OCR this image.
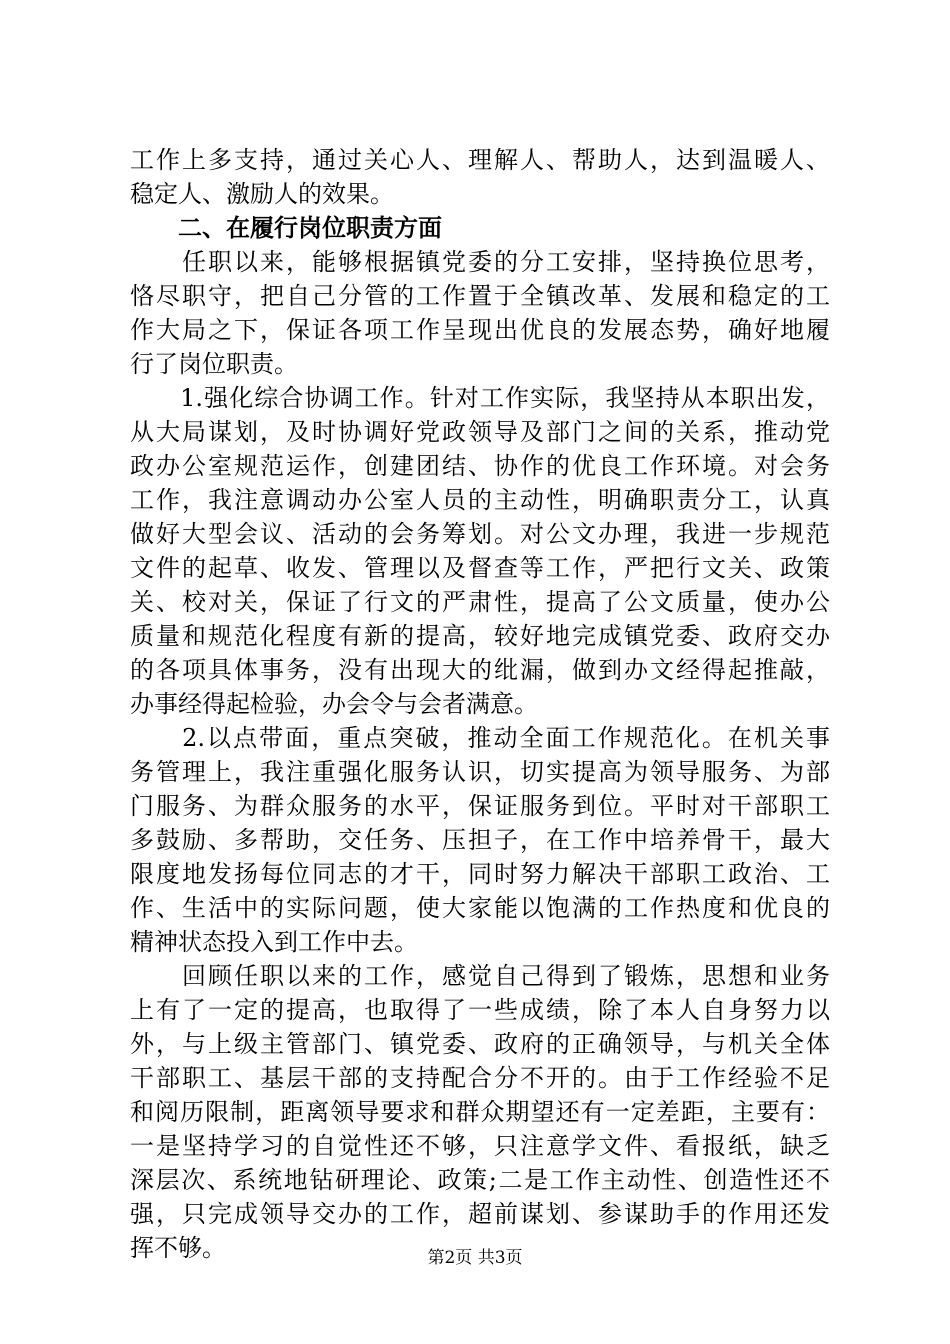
工作上多支持，通过关心人、理解人、帮助人，达到温暖人、
稳定人、激励人的效果。
二、在履行岗位职责方面
　　任职以来，能够根据镇党委的分工安排，坚持换位思考，
恪尽职守，把自己分管的工作置于全镇改革、发展和稳定的工
作大局之下，保证各项工作呈现出优良的发展态势，确好地履
行了岗位职责。
　　1.强化综合协调工作。针对工作实际，我坚持从本职出发，
从大局谋划，及时协调好党政领导及部门之间的关系，推动党
政办公室规范运作，创建团结、协作的优良工作环境。对会务
工作，我注意调动办公室人员的主动性，明确职责分工，认真
做好大型会议、活动的会务筹划。对公文办理，我进一步规范
文件的起草、收发、管理以及督查等工作，严把行文关、政策
关、校对关，保证了行文的严肃性，提高了公文质量，使办公
质量和规范化程度有新的提高，较好地完成镇党委、政府交办
的各项具体事务，没有出现大的纰漏，做到办文经得起推敲，
办事经得起检验，办会令与会者满意。
　　2.以点带面，重点突破，推动全面工作规范化。在机关事
务管理上，我注重强化服务认识，切实提高为领导服务、为部
门服务、为群众服务的水平，保证服务到位。平时对干部职工
多鼓励、多帮助，交任务、压担子，在工作中培养骨干，最大
限度地发扬每位同志的才干，同时努力解决干部职工政治、工
作、生活中的实际问题，使大家能以饱满的工作热度和优良的
精神状态投入到工作中去。
　　回顾任职以来的工作，感觉自己得到了锻炼，思想和业务
上有了一定的提高，也取得了一些成绩，除了本人自身努力以
外，与上级主管部门、镇党委、政府的正确领导，与机关全体
干部职工、基层干部的支持配合分不开的。由于工作经验不足
和阅历限制，距离领导要求和群众期望还有一定差距，主要有：
一是坚持学习的自觉性还不够，只注意学文件、看报纸，缺乏
深层次、系统地钻研理论、政策;二是工作主动性、创造性还不
强，只完成领导交办的工作，超前谋划、参谋助手的作用还发
挥不够。	第2页 共3页
